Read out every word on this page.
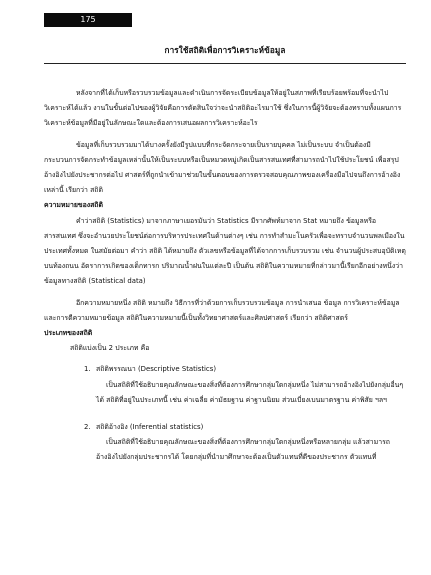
175
การใช้สถิติเพื่อการวิเคราะห์ข้อมูล

หลังจากที่ได้เก็บหรือรวบรวมข้อมูลและดำเนินการจัดระเบียบข้อมูลให้อยู่ในสภาพที่เรียบร้อยพร้อมที่จะนำไปวิเคราะห์ได้แล้ว งานในขั้นต่อไปของผู้วิจัยคือการตัดสินใจว่าจะนำสถิติอะไรมาใช้ ซึ่งในการนี้ผู้วิจัยจะต้องทราบทั้งแผนการวิเคราะห์ข้อมูลที่มีอยู่ในลักษณะใดและต้องการเสนอผลการวิเคราะห์อะไร

ข้อมูลที่เก็บรวบรวมมาได้บางครั้งยังมีรูปแบบที่กระจัดกระจายเป็นรายบุคคล ไม่เป็นระบบ จำเป็นต้องมีกระบวนการจัดกระทำข้อมูลเหล่านั้นให้เป็นระบบหรือเป็นหมวดหมู่เกิดเป็นสารสนเทศที่สามารถนำไปใช้ประโยชน์ เพื่อสรุปอ้างอิงไปยังประชากรต่อไป ศาสตร์ที่ถูกนำเข้ามาช่วยในขั้นตอนของการตรวจสอบคุณภาพของเครื่องมือไปจนถึงการอ้างอิงเหล่านี้ เรียกว่า สถิติ

ความหมายของสถิติ

คำว่าสถิติ (Statistics) มาจากภาษาเยอรมันว่า Statistics มีรากศัพท์มาจาก Stat หมายถึง ข้อมูลหรือสารสนเทศ ซึ่งจะอำนวยประโยชน์ต่อการบริหารประเทศในด้านต่างๆ เช่น การทำสำมะโนครัวเพื่อจะทราบจำนวนพลเมืองในประเทศทั้งหมด ในสมัยต่อมา คำว่า สถิติ ได้หมายถึง ตัวเลขหรือข้อมูลที่ได้จากการเก็บรวบรวม เช่น จำนวนผู้ประสบอุบัติเหตุบนท้องถนน อัตราการเกิดของเด็กทารก ปริมาณน้ำฝนในแต่ละปี เป็นต้น สถิติในความหมายที่กล่าวมานี้เรียกอีกอย่างหนึ่งว่า ข้อมูลทางสถิติ (Statistical data)

อีกความหมายหนึ่ง สถิติ หมายถึง วิธีการที่ว่าด้วยการเก็บรวบรวมข้อมูล การนำเสนอ ข้อมูล การวิเคราะห์ข้อมูล และการตีความหมายข้อมูล สถิติในความหมายนี้เป็นทั้งวิทยาศาสตร์และศิลปศาสตร์ เรียกว่า สถิติศาสตร์

ประเภทของสถิติ

สถิติแบ่งเป็น 2 ประเภท คือ

1. สถิติพรรณนา (Descriptive Statistics)

เป็นสถิติที่ใช้อธิบายคุณลักษณะของสิ่งที่ต้องการศึกษากลุ่มใดกลุ่มหนึ่ง ไม่สามารถอ้างอิงไปยังกลุ่มอื่นๆ ได้ สถิติที่อยู่ในประเภทนี้ เช่น ค่าเฉลี่ย ค่ามัธยฐาน ค่าฐานนิยม ส่วนเบี่ยงเบนมาตรฐาน ค่าพิสัย ฯลฯ

2. สถิติอ้างอิง (Inferential statistics)

เป็นสถิติที่ใช้อธิบายคุณลักษณะของสิ่งที่ต้องการศึกษากลุ่มใดกลุ่มหนึ่งหรือหลายกลุ่ม แล้วสามารถอ้างอิงไปยังกลุ่มประชากรได้ โดยกลุ่มที่นำมาศึกษาจะต้องเป็นตัวแทนที่ดีของประชากร ตัวแทนที่
